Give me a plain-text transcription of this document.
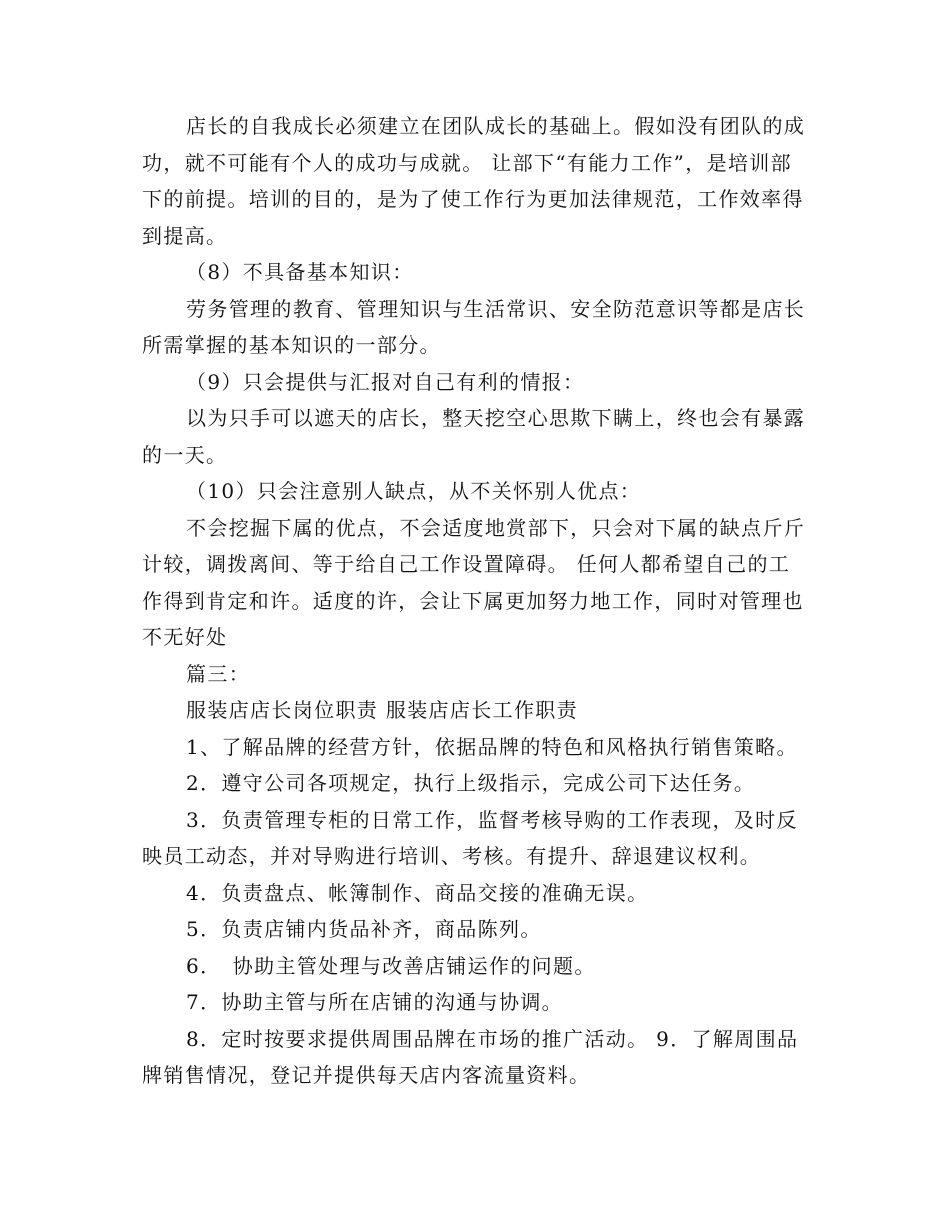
店长的自我成长必须建立在团队成长的基础上。假如没有团队的成功，就不可能有个人的成功与成就。 让部下“有能力工作”，是培训部下的前提。培训的目的，是为了使工作行为更加法律规范，工作效率得到提高。

（8）不具备基本知识：

劳务管理的教育、管理知识与生活常识、安全防范意识等都是店长所需掌握的基本知识的一部分。

（9）只会提供与汇报对自己有利的情报：

以为只手可以遮天的店长，整天挖空心思欺下瞒上，终也会有暴露的一天。

（10）只会注意别人缺点，从不关怀别人优点：

不会挖掘下属的优点，不会适度地赏部下，只会对下属的缺点斤斤计较，调拨离间、等于给自己工作设置障碍。 任何人都希望自己的工作得到肯定和许。适度的许，会让下属更加努力地工作，同时对管理也不无好处

篇三：

服装店店长岗位职责 服装店店长工作职责

1、了解品牌的经营方针，依据品牌的特色和风格执行销售策略。

2．遵守公司各项规定，执行上级指示，完成公司下达任务。

3．负责管理专柜的日常工作，监督考核导购的工作表现，及时反映员工动态，并对导购进行培训、考核。有提升、辞退建议权利。

4．负责盘点、帐簿制作、商品交接的准确无误。

5．负责店铺内货品补齐，商品陈列。

6．　协助主管处理与改善店铺运作的问题。

7．协助主管与所在店铺的沟通与协调。

8．定时按要求提供周围品牌在市场的推广活动。 9．了解周围品牌销售情况，登记并提供每天店内客流量资料。
